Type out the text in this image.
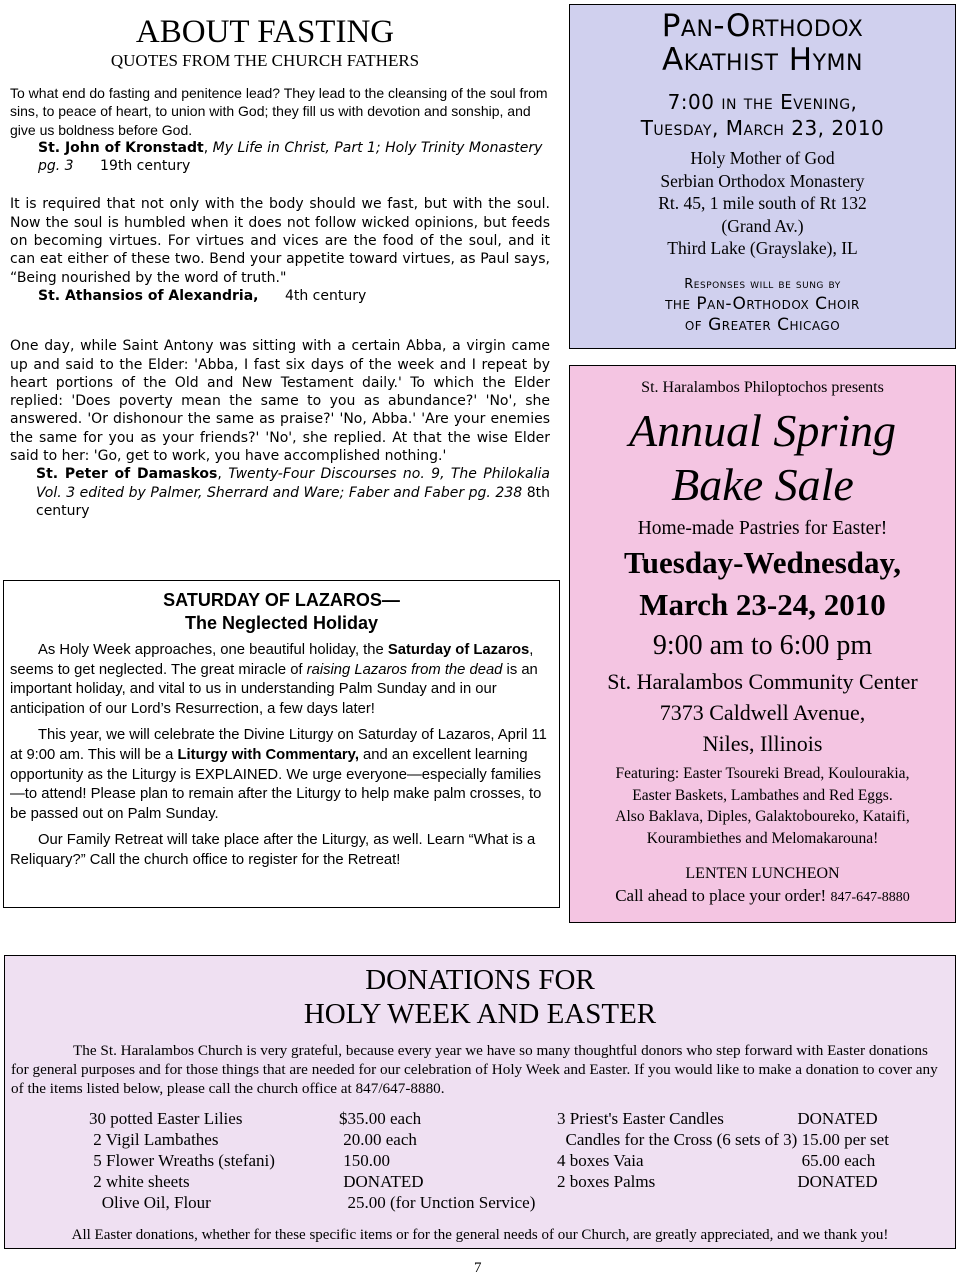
ABOUT FASTING
QUOTES FROM THE CHURCH FATHERS

To what end do fasting and penitence lead? They lead to the cleansing of the soul from sins, to peace of heart, to union with God; they fill us with devotion and sonship, and give us boldness before God.

St. John of Kronstadt, My Life in Christ, Part 1; Holy Trinity Monastery pg. 3 19th century

It is required that not only with the body should we fast, but with the soul. Now the soul is humbled when it does not follow wicked opinions, but feeds on becoming virtues. For virtues and vices are the food of the soul, and it can eat either of these two. Bend your appetite toward virtues, as Paul says, “Being nourished by the word of truth."

St. Athansios of Alexandria, 4th century

One day, while Saint Antony was sitting with a certain Abba, a virgin came up and said to the Elder: 'Abba, I fast six days of the week and I repeat by heart portions of the Old and New Testament daily.' To which the Elder replied: 'Does poverty mean the same to you as abundance?' 'No', she answered. 'Or dishonour the same as praise?' 'No, Abba.' 'Are your enemies the same for you as your friends?' 'No', she replied. At that the wise Elder said to her: 'Go, get to work, you have accomplished nothing.'

St. Peter of Damaskos, Twenty-Four Discourses no. 9, The Philokalia Vol. 3 edited by Palmer, Sherrard and Ware; Faber and Faber pg. 238 8th century
SATURDAY OF LAZAROS—
The Neglected Holiday

As Holy Week approaches, one beautiful holiday, the Saturday of Lazaros, seems to get neglected. The great miracle of raising Lazaros from the dead is an important holiday, and vital to us in understanding Palm Sunday and in our anticipation of our Lord’s Resurrection, a few days later!

This year, we will celebrate the Divine Liturgy on Saturday of Lazaros, April 11 at 9:00 am. This will be a Liturgy with Commentary, and an excellent learning opportunity as the Liturgy is EXPLAINED. We urge everyone—especially families—to attend! Please plan to remain after the Liturgy to help make palm crosses, to be passed out on Palm Sunday.

Our Family Retreat will take place after the Liturgy, as well. Learn “What is a Reliquary?” Call the church office to register for the Retreat!

Pan-Orthodox
Akathist Hymn
7:00 in the Evening,
Tuesday, March 23, 2010
Holy Mother of God
Serbian Orthodox Monastery
Rt. 45, 1 mile south of Rt 132
(Grand Av.)
Third Lake (Grayslake), IL
Responses will be sung by
the Pan-Orthodox Choir
of Greater Chicago
St. Haralambos Philoptochos presents
Annual Spring
Bake Sale
Home-made Pastries for Easter!
Tuesday-Wednesday,
March 23-24, 2010
9:00 am to 6:00 pm
St. Haralambos Community Center
7373 Caldwell Avenue,
Niles, Illinois
Featuring: Easter Tsoureki Bread, Koulourakia,
Easter Baskets, Lambathes and Red Eggs.
Also Baklava, Diples, Galaktoboureko, Kataifi,
Kourambiethes and Melomakarouna!
LENTEN LUNCHEON
Call ahead to place your order! 847-647-8880
DONATIONS FOR
HOLY WEEK AND EASTER

The St. Haralambos Church is very grateful, because every year we have so many thoughtful donors who step forward with Easter donations for general purposes and for those things that are needed for our celebration of Holy Week and Easter. If you would like to make a donation to cover any of the items listed below, please call the church office at 847/647-8880.

	30 potted Easter Lilies	$35.00 each	3 Priest's Easter Candles	DONATED
	2 Vigil Lambathes	20.00 each	Candles for the Cross (6 sets of 3)	15.00 per set
	5 Flower Wreaths (stefani)	150.00	4 boxes Vaia	65.00 each
	2 white sheets	DONATED	2 boxes Palms	DONATED
	Olive Oil, Flour	25.00 (for Unction Service)		

All Easter donations, whether for these specific items or for the general needs of our Church, are greatly appreciated, and we thank you!

7
